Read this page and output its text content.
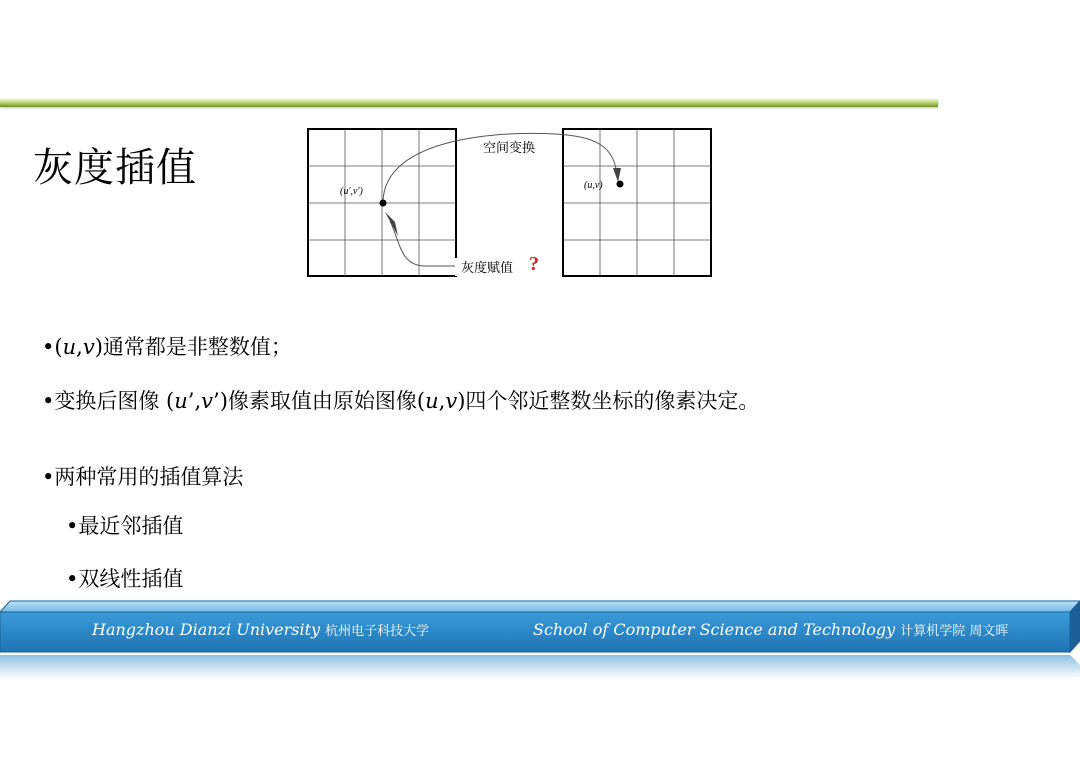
灰度插值
(u',v')
(u,v)
空间变换
灰度赋值 ?
•(u,v)通常都是非整数值；
•变换后图像 (u’,v’)像素取值由原始图像(u,v)四个邻近整数坐标的像素决定。
•两种常用的插值算法
•最近邻插值
•双线性插值
Hangzhou Dianzi University 杭州电子科技大学	School of Computer Science and Technology 计算机学院 周文晖
